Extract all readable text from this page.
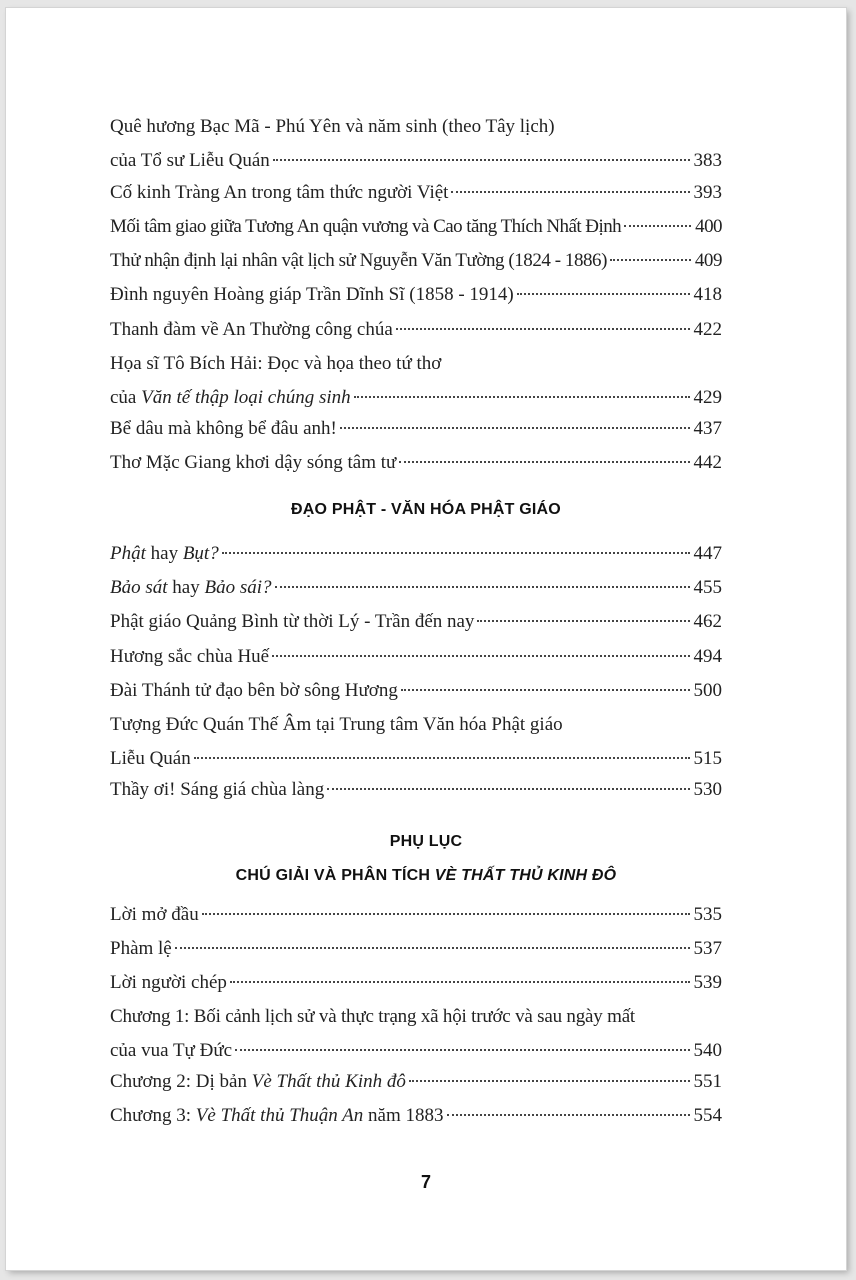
Quê hương Bạc Mã - Phú Yên và năm sinh (theo Tây lịch)
của Tổ sư Liễu Quán	383
Cố kinh Tràng An trong tâm thức người Việt	393
Mối tâm giao giữa Tương An quận vương và Cao tăng Thích Nhất Định	400
Thử nhận định lại nhân vật lịch sử Nguyễn Văn Tường (1824 - 1886)	409
Đình nguyên Hoàng giáp Trần Dĩnh Sĩ (1858 - 1914)	418
Thanh đàm về An Thường công chúa	422
Họa sĩ Tô Bích Hải: Đọc và họa theo tứ thơ
của Văn tế thập loại chúng sinh	429
Bể dâu mà không bể đâu anh!	437
Thơ Mặc Giang khơi dậy sóng tâm tư	442
ĐẠO PHẬT - VĂN HÓA PHẬT GIÁO
Phật hay Bụt?	447
Bảo sát hay Bảo sái?	455
Phật giáo Quảng Bình từ thời Lý - Trần đến nay	462
Hương sắc chùa Huế	494
Đài Thánh tử đạo bên bờ sông Hương	500
Tượng Đức Quán Thế Âm tại Trung tâm Văn hóa Phật giáo
Liễu Quán	515
Thầy ơi! Sáng giá chùa làng	530
PHỤ LỤC
CHÚ GIẢI VÀ PHÂN TÍCH VÈ THẤT THỦ KINH ĐÔ
Lời mở đầu	535
Phàm lệ	537
Lời người chép	539
Chương 1: Bối cảnh lịch sử và thực trạng xã hội trước và sau ngày mất
của vua Tự Đức	540
Chương 2: Dị bản Vè Thất thủ Kinh đô	551
Chương 3: Vè Thất thủ Thuận An năm 1883	554
7
